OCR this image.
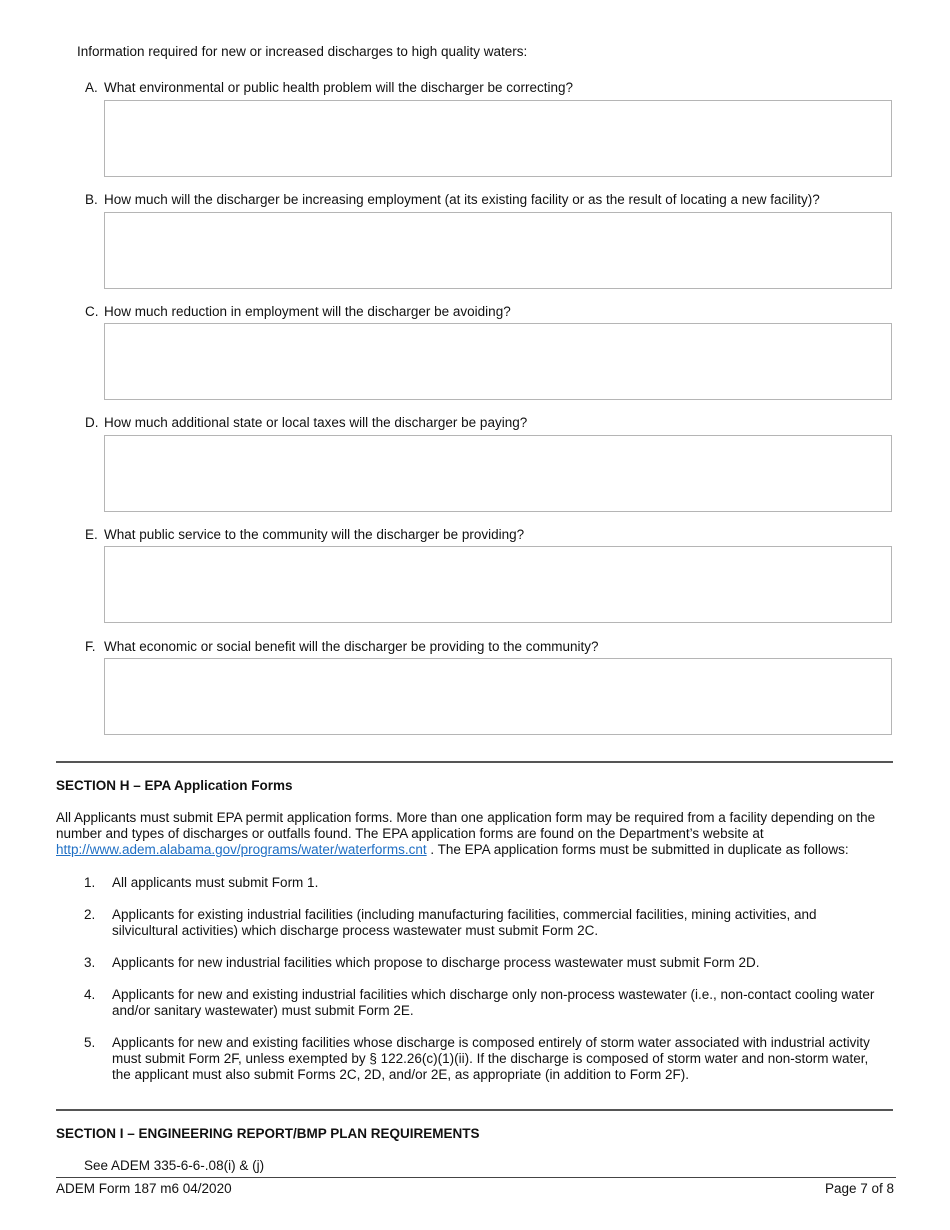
Information required for new or increased discharges to high quality waters:
A. What environmental or public health problem will the discharger be correcting?
B. How much will the discharger be increasing employment (at its existing facility or as the result of locating a new facility)?
C. How much reduction in employment will the discharger be avoiding?
D. How much additional state or local taxes will the discharger be paying?
E. What public service to the community will the discharger be providing?
F. What economic or social benefit will the discharger be providing to the community?
SECTION H – EPA Application Forms
All Applicants must submit EPA permit application forms. More than one application form may be required from a facility depending on the number and types of discharges or outfalls found. The EPA application forms are found on the Department’s website at http://www.adem.alabama.gov/programs/water/waterforms.cnt . The EPA application forms must be submitted in duplicate as follows:
1. All applicants must submit Form 1.
2. Applicants for existing industrial facilities (including manufacturing facilities, commercial facilities, mining activities, and silvicultural activities) which discharge process wastewater must submit Form 2C.
3. Applicants for new industrial facilities which propose to discharge process wastewater must submit Form 2D.
4. Applicants for new and existing industrial facilities which discharge only non-process wastewater (i.e., non-contact cooling water and/or sanitary wastewater) must submit Form 2E.
5. Applicants for new and existing facilities whose discharge is composed entirely of storm water associated with industrial activity must submit Form 2F, unless exempted by § 122.26(c)(1)(ii). If the discharge is composed of storm water and non-storm water, the applicant must also submit Forms 2C, 2D, and/or 2E, as appropriate (in addition to Form 2F).
SECTION I – ENGINEERING REPORT/BMP PLAN REQUIREMENTS
See ADEM 335-6-6-.08(i) & (j)
ADEM Form 187 m6 04/2020	Page 7 of 8
